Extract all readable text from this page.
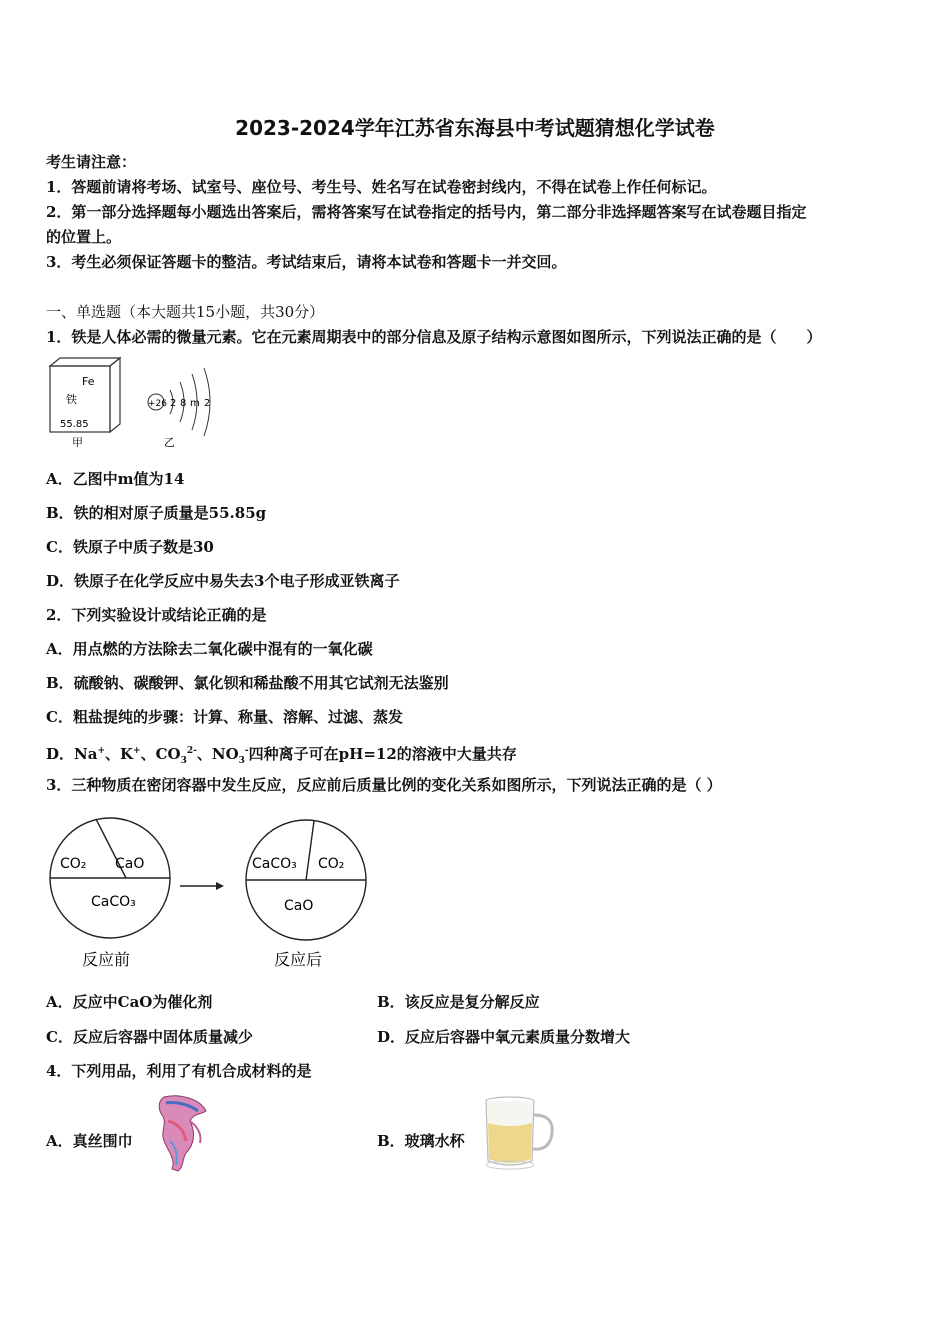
2023-2024学年江苏省东海县中考试题猜想化学试卷
考生请注意：
1．答题前请将考场、试室号、座位号、考生号、姓名写在试卷密封线内，不得在试卷上作任何标记。
2．第一部分选择题每小题选出答案后，需将答案写在试卷指定的括号内，第二部分非选择题答案写在试卷题目指定
的位置上。
3．考生必须保证答题卡的整洁。考试结束后，请将本试卷和答题卡一并交回。
一、单选题（本大题共15小题，共30分）
1．铁是人体必需的微量元素。它在元素周期表中的部分信息及原子结构示意图如图所示，下列说法正确的是（　　）
Fe
铁
55.85
甲
+26 2 8 m 2
乙
A．乙图中m值为14
B．铁的相对原子质量是55.85g
C．铁原子中质子数是30
D．铁原子在化学反应中易失去3个电子形成亚铁离子
2．下列实验设计或结论正确的是
A．用点燃的方法除去二氧化碳中混有的一氧化碳
B．硫酸钠、碳酸钾、氯化钡和稀盐酸不用其它试剂无法鉴别
C．粗盐提纯的步骤：计算、称量、溶解、过滤、蒸发
D．Na+、K+、$CO_3^{2-}$、$NO_3^-$四种离子可在pH=12的溶液中大量共存
3．三种物质在密闭容器中发生反应，反应前后质量比例的变化关系如图所示，下列说法正确的是（ ）
CO₂ CaO
CaCO₃
反应前
CaCO₃ CO₂
CaO
反应后
A．反应中CaO为催化剂	B．该反应是复分解反应
C．反应后容器中固体质量减少	D．反应后容器中氧元素质量分数增大
4．下列用品，利用了有机合成材料的是
A．真丝围巾	B．玻璃水杯
